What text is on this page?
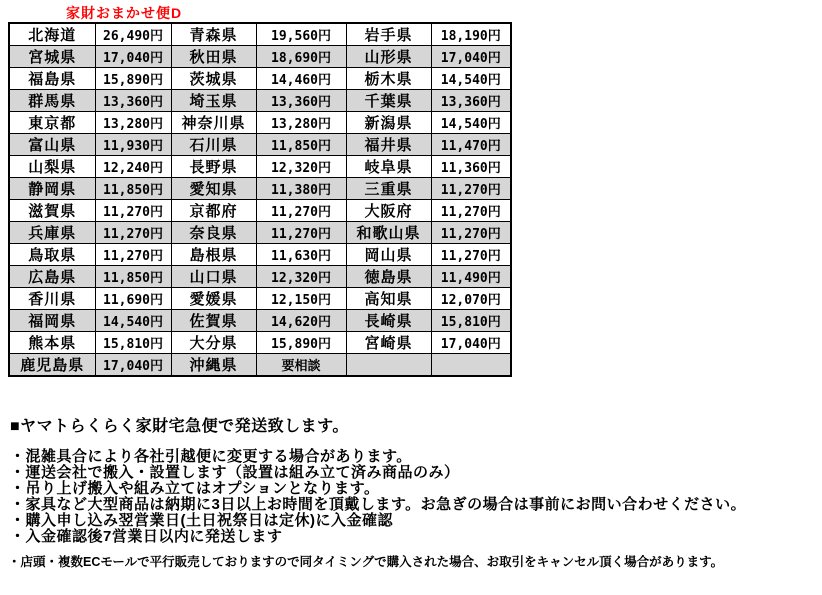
家財おまかせ便D
北海道	26,490円	青森県	19,560円	岩手県	18,190円
宮城県	17,040円	秋田県	18,690円	山形県	17,040円
福島県	15,890円	茨城県	14,460円	栃木県	14,540円
群馬県	13,360円	埼玉県	13,360円	千葉県	13,360円
東京都	13,280円	神奈川県	13,280円	新潟県	14,540円
富山県	11,930円	石川県	11,850円	福井県	11,470円
山梨県	12,240円	長野県	12,320円	岐阜県	11,360円
静岡県	11,850円	愛知県	11,380円	三重県	11,270円
滋賀県	11,270円	京都府	11,270円	大阪府	11,270円
兵庫県	11,270円	奈良県	11,270円	和歌山県	11,270円
鳥取県	11,270円	島根県	11,630円	岡山県	11,270円
広島県	11,850円	山口県	12,320円	徳島県	11,490円
香川県	11,690円	愛媛県	12,150円	高知県	12,070円
福岡県	14,540円	佐賀県	14,620円	長崎県	15,810円
熊本県	15,810円	大分県	15,890円	宮崎県	17,040円
鹿児島県	17,040円	沖縄県	要相談		
■ヤマトらくらく家財宅急便で発送致します。
・混雑具合により各社引越便に変更する場合があります。
・運送会社で搬入・設置します（設置は組み立て済み商品のみ）
・吊り上げ搬入や組み立てはオプションとなります。
・家具など大型商品は納期に3日以上お時間を頂戴します。お急ぎの場合は事前にお問い合わせください。
・購入申し込み翌営業日(土日祝祭日は定休)に入金確認
・入金確認後7営業日以内に発送します
・店頭・複数ECモールで平行販売しておりますので同タイミングで購入された場合、お取引をキャンセル頂く場合があります。
